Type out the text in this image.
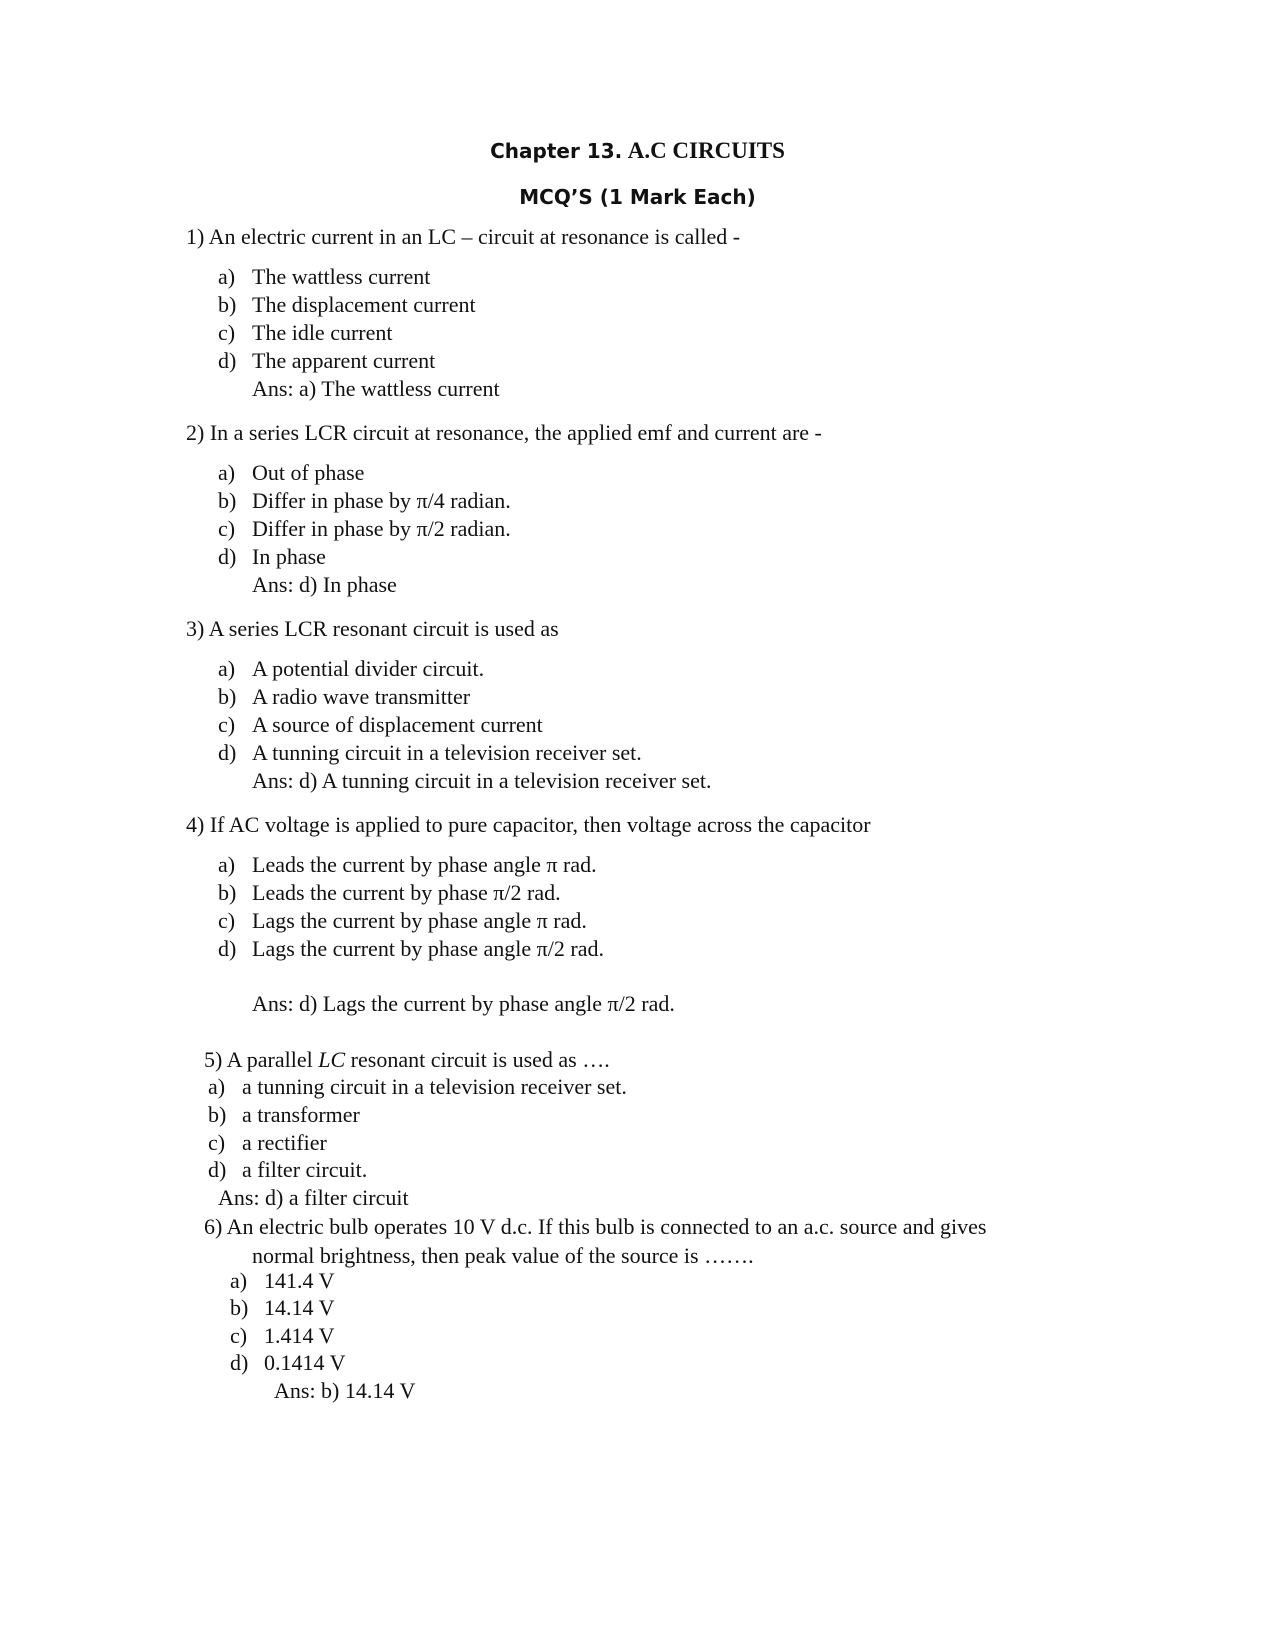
Chapter 13. A.C CIRCUITS
MCQ’S (1 Mark Each)
1) An electric current in an LC – circuit at resonance is called -
a) The wattless current
b) The displacement current
c) The idle current
d) The apparent current
Ans: a) The wattless current
2) In a series LCR circuit at resonance, the applied emf and current are -
a) Out of phase
b) Differ in phase by π/4 radian.
c) Differ in phase by π/2 radian.
d) In phase
Ans: d) In phase
3) A series LCR resonant circuit is used as
a) A potential divider circuit.
b) A radio wave transmitter
c) A source of displacement current
d) A tunning circuit in a television receiver set.
Ans: d) A tunning circuit in a television receiver set.
4) If AC voltage is applied to pure capacitor, then voltage across the capacitor
a) Leads the current by phase angle π rad.
b) Leads the current by phase π/2 rad.
c) Lags the current by phase angle π rad.
d) Lags the current by phase angle π/2 rad.
Ans: d) Lags the current by phase angle π/2 rad.
5) A parallel LC resonant circuit is used as ….
a) a tunning circuit in a television receiver set.
b) a transformer
c) a rectifier
d) a filter circuit.
Ans: d) a filter circuit
6) An electric bulb operates 10 V d.c. If this bulb is connected to an a.c. source and gives
normal brightness, then peak value of the source is …….
a) 141.4 V
b) 14.14 V
c) 1.414 V
d) 0.1414 V
Ans: b) 14.14 V
